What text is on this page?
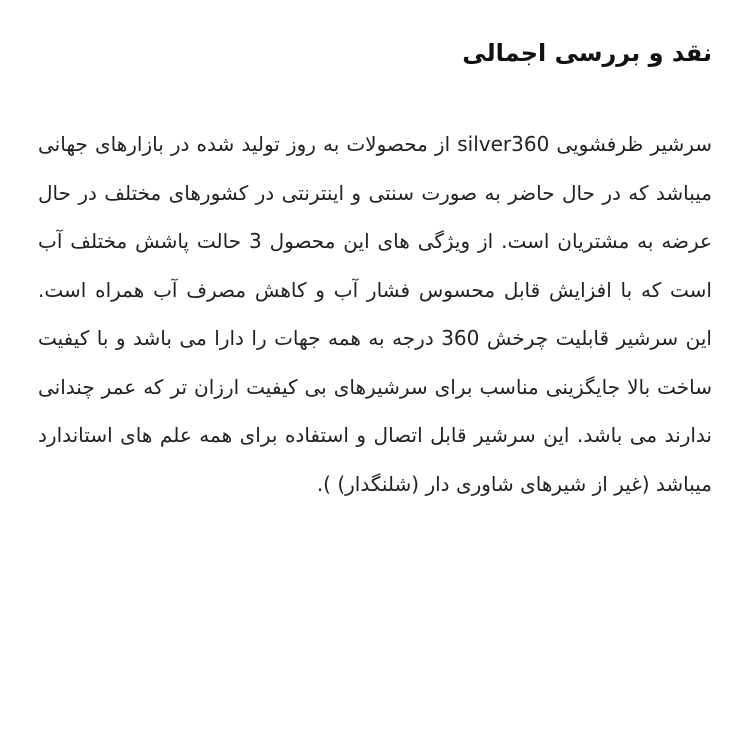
نقد و بررسی اجمالی

سرشیر ظرفشویی silver360 از محصولات به روز تولید شده در بازارهای جهانی میباشد که در حال حاضر به صورت سنتی و اینترنتی در کشورهای مختلف در حال عرضه به مشتریان است. از ویژگی های این محصول 3 حالت پاشش مختلف آب است که با افزایش قابل محسوس فشار آب و کاهش مصرف آب همراه است. این سرشیر قابلیت چرخش 360 درجه به همه جهات را دارا می باشد و با کیفیت ساخت بالا جایگزینی مناسب برای سرشیرهای بی کیفیت ارزان تر که عمر چندانی ندارند می باشد. این سرشیر قابل اتصال و استفاده برای همه علم های استاندارد میباشد (غیر از شیرهای شاوری دار (شلنگدار) ).
